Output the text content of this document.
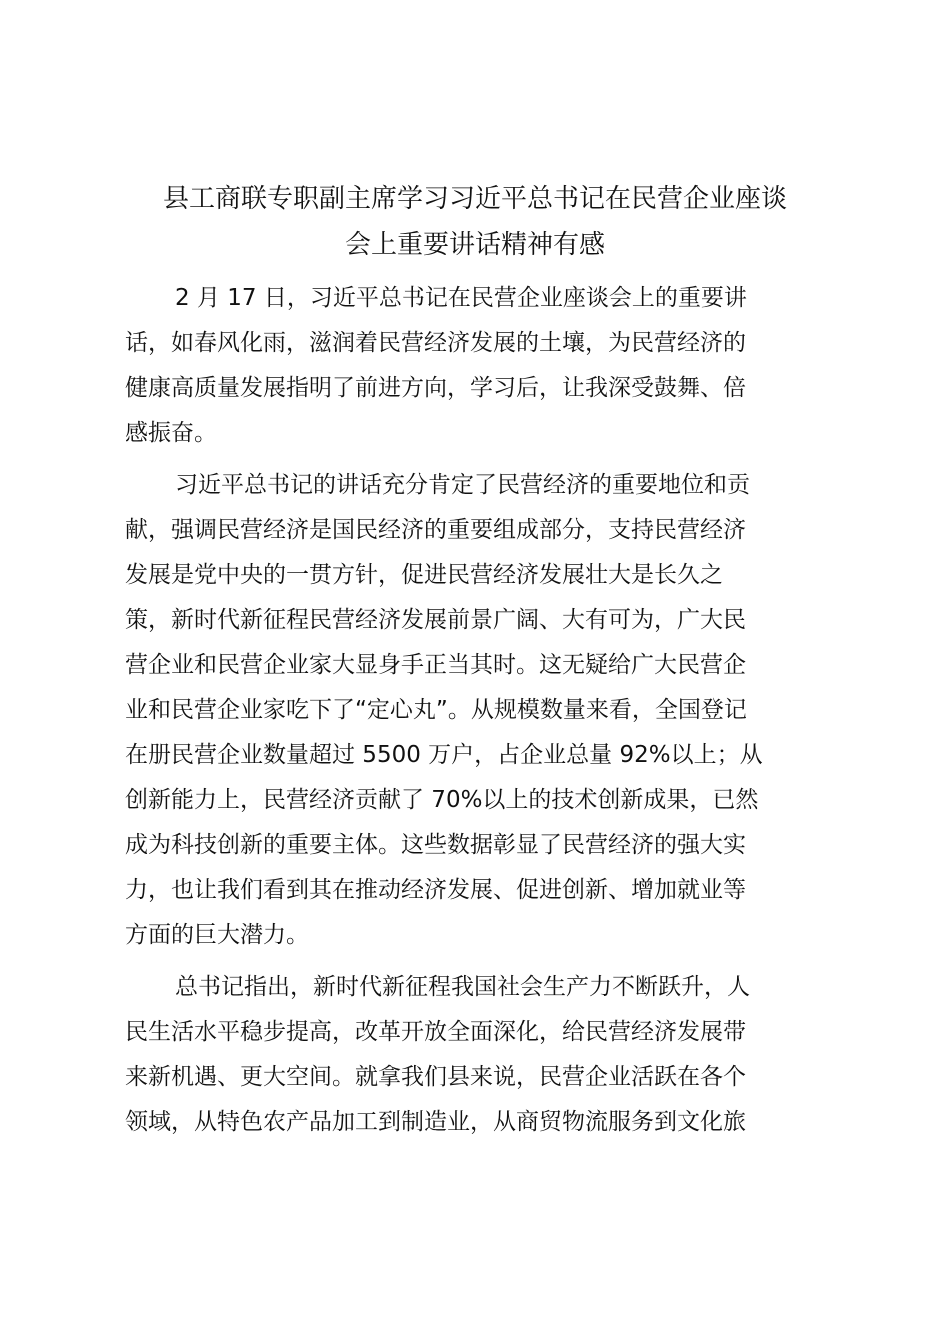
县工商联专职副主席学习习近平总书记在民营企业座谈
会上重要讲话精神有感
2 月 17 日，习近平总书记在民营企业座谈会上的重要讲
话，如春风化雨，滋润着民营经济发展的土壤，为民营经济的
健康高质量发展指明了前进方向，学习后，让我深受鼓舞、倍
感振奋。
习近平总书记的讲话充分肯定了民营经济的重要地位和贡
献，强调民营经济是国民经济的重要组成部分，支持民营经济
发展是党中央的一贯方针，促进民营经济发展壮大是长久之
策，新时代新征程民营经济发展前景广阔、大有可为，广大民
营企业和民营企业家大显身手正当其时。这无疑给广大民营企
业和民营企业家吃下了“定心丸”。从规模数量来看，全国登记
在册民营企业数量超过 5500 万户，占企业总量 92%以上；从
创新能力上，民营经济贡献了 70%以上的技术创新成果，已然
成为科技创新的重要主体。这些数据彰显了民营经济的强大实
力，也让我们看到其在推动经济发展、促进创新、增加就业等
方面的巨大潜力。
总书记指出，新时代新征程我国社会生产力不断跃升，人
民生活水平稳步提高，改革开放全面深化，给民营经济发展带
来新机遇、更大空间。就拿我们县来说，民营企业活跃在各个
领域，从特色农产品加工到制造业，从商贸物流服务到文化旅
